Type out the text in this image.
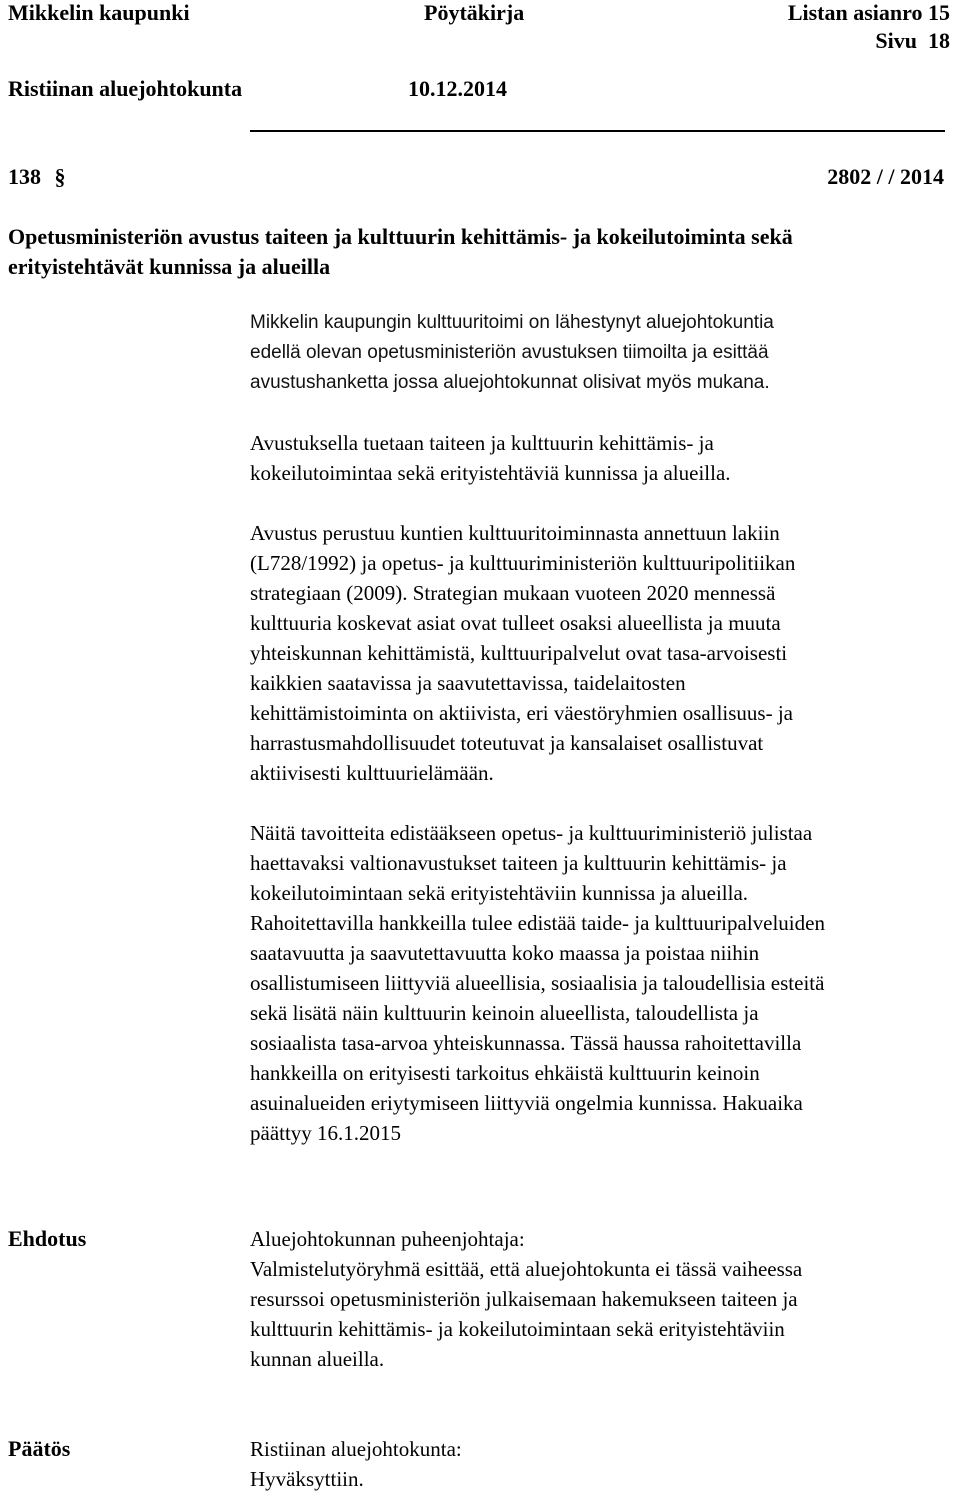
Mikkelin kaupunki	Pöytäkirja	Listan asianro 15
Sivu  18
Ristiinan aluejohtokunta	10.12.2014
138 §	2802 / / 2014
Opetusministeriön avustus taiteen ja kulttuurin kehittämis- ja kokeilutoiminta sekä
erityistehtävät kunnissa ja alueilla

Mikkelin kaupungin kulttuuritoimi on lähestynyt aluejohtokuntia

edellä olevan opetusministeriön avustuksen tiimoilta ja esittää

avustushanketta jossa aluejohtokunnat olisivat myös mukana.

Avustuksella tuetaan taiteen ja kulttuurin kehittämis- ja

kokeilutoimintaa sekä erityistehtäviä kunnissa ja alueilla.

Avustus perustuu kuntien kulttuuritoiminnasta annettuun lakiin

(L728/1992) ja opetus- ja kulttuuriministeriön kulttuuripolitiikan

strategiaan (2009). Strategian mukaan vuoteen 2020 mennessä

kulttuuria koskevat asiat ovat tulleet osaksi alueellista ja muuta

yhteiskunnan kehittämistä, kulttuuripalvelut ovat tasa-arvoisesti

kaikkien saatavissa ja saavutettavissa, taidelaitosten

kehittämistoiminta on aktiivista, eri väestöryhmien osallisuus- ja

harrastusmahdollisuudet toteutuvat ja kansalaiset osallistuvat

aktiivisesti kulttuurielämään.

Näitä tavoitteita edistääkseen opetus- ja kulttuuriministeriö julistaa

haettavaksi valtionavustukset taiteen ja kulttuurin kehittämis- ja

kokeilutoimintaan sekä erityistehtäviin kunnissa ja alueilla.

Rahoitettavilla hankkeilla tulee edistää taide- ja kulttuuripalveluiden

saatavuutta ja saavutettavuutta koko maassa ja poistaa niihin

osallistumiseen liittyviä alueellisia, sosiaalisia ja taloudellisia esteitä

sekä lisätä näin kulttuurin keinoin alueellista, taloudellista ja

sosiaalista tasa-arvoa yhteiskunnassa. Tässä haussa rahoitettavilla

hankkeilla on erityisesti tarkoitus ehkäistä kulttuurin keinoin

asuinalueiden eriytymiseen liittyviä ongelmia kunnissa. Hakuaika

päättyy 16.1.2015

Ehdotus	Aluejohtokunnan puheenjohtaja:

Valmistelutyöryhmä esittää, että aluejohtokunta ei tässä vaiheessa

resurssoi opetusministeriön julkaisemaan hakemukseen taiteen ja

kulttuurin kehittämis- ja kokeilutoimintaan sekä erityistehtäviin

kunnan alueilla.

Päätös	Ristiinan aluejohtokunta:

Hyväksyttiin.
